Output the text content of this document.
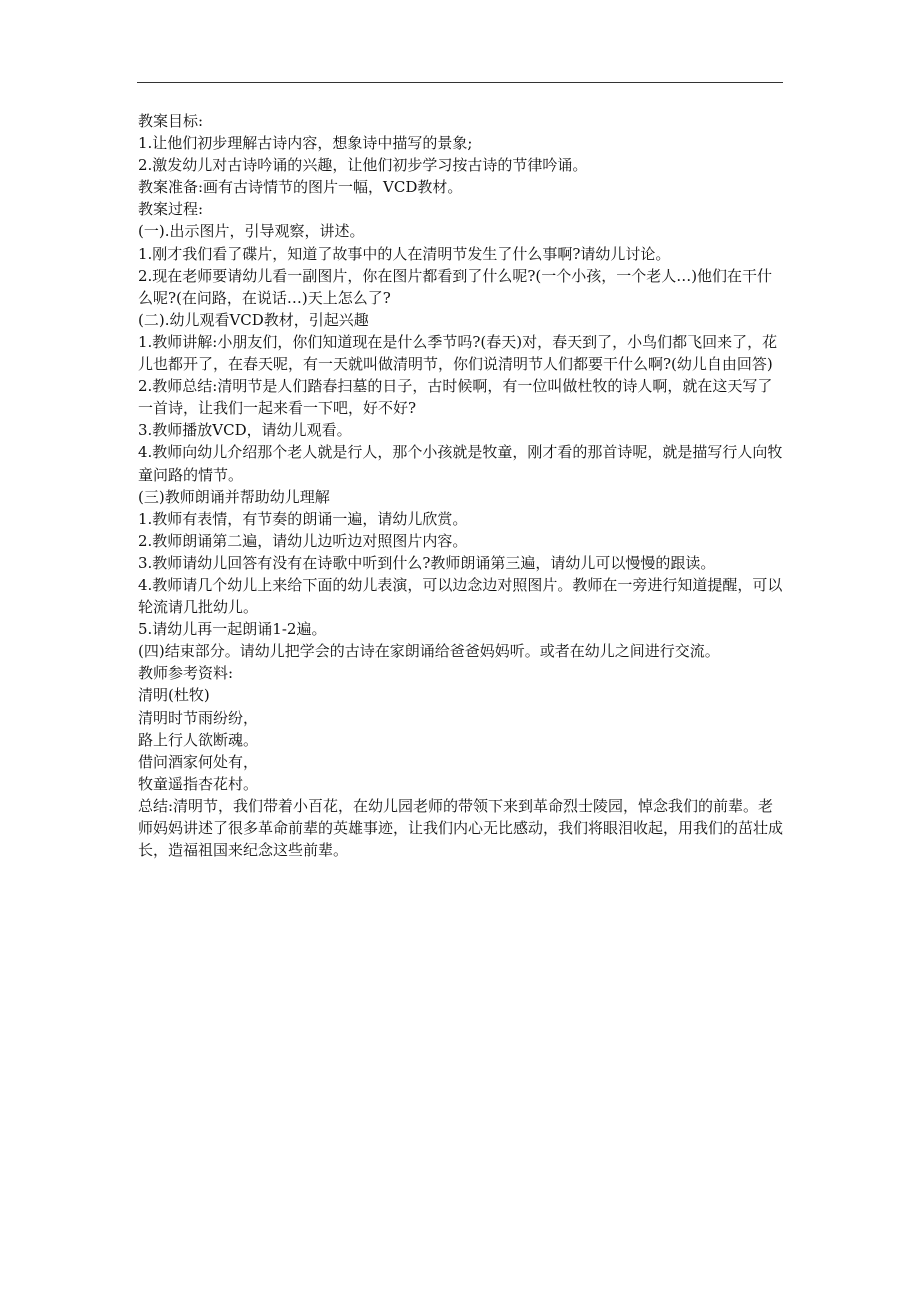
教案目标:

1.让他们初步理解古诗内容，想象诗中描写的景象;

2.激发幼儿对古诗吟诵的兴趣，让他们初步学习按古诗的节律吟诵。

教案准备:画有古诗情节的图片一幅，VCD教材。

教案过程:

(一).出示图片，引导观察，讲述。

1.刚才我们看了碟片，知道了故事中的人在清明节发生了什么事啊?请幼儿讨论。

2.现在老师要请幼儿看一副图片，你在图片都看到了什么呢?(一个小孩，一个老人…)他们在干什么呢?(在问路，在说话…)天上怎么了?

(二).幼儿观看VCD教材，引起兴趣

1.教师讲解:小朋友们，你们知道现在是什么季节吗?(春天)对，春天到了，小鸟们都飞回来了，花儿也都开了，在春天呢，有一天就叫做清明节，你们说清明节人们都要干什么啊?(幼儿自由回答)

2.教师总结:清明节是人们踏春扫墓的日子，古时候啊，有一位叫做杜牧的诗人啊，就在这天写了一首诗，让我们一起来看一下吧，好不好?

3.教师播放VCD，请幼儿观看。

4.教师向幼儿介绍那个老人就是行人，那个小孩就是牧童，刚才看的那首诗呢，就是描写行人向牧童问路的情节。

(三)教师朗诵并帮助幼儿理解

1.教师有表情，有节奏的朗诵一遍，请幼儿欣赏。

2.教师朗诵第二遍，请幼儿边听边对照图片内容。

3.教师请幼儿回答有没有在诗歌中听到什么?教师朗诵第三遍，请幼儿可以慢慢的跟读。

4.教师请几个幼儿上来给下面的幼儿表演，可以边念边对照图片。教师在一旁进行知道提醒，可以轮流请几批幼儿。

5.请幼儿再一起朗诵1-2遍。

(四)结束部分。请幼儿把学会的古诗在家朗诵给爸爸妈妈听。或者在幼儿之间进行交流。

教师参考资料:

清明(杜牧)

清明时节雨纷纷，

路上行人欲断魂。

借问酒家何处有，

牧童遥指杏花村。

总结:清明节，我们带着小百花，在幼儿园老师的带领下来到革命烈士陵园，悼念我们的前辈。老师妈妈讲述了很多革命前辈的英雄事迹，让我们内心无比感动，我们将眼泪收起，用我们的茁壮成长，造福祖国来纪念这些前辈。
